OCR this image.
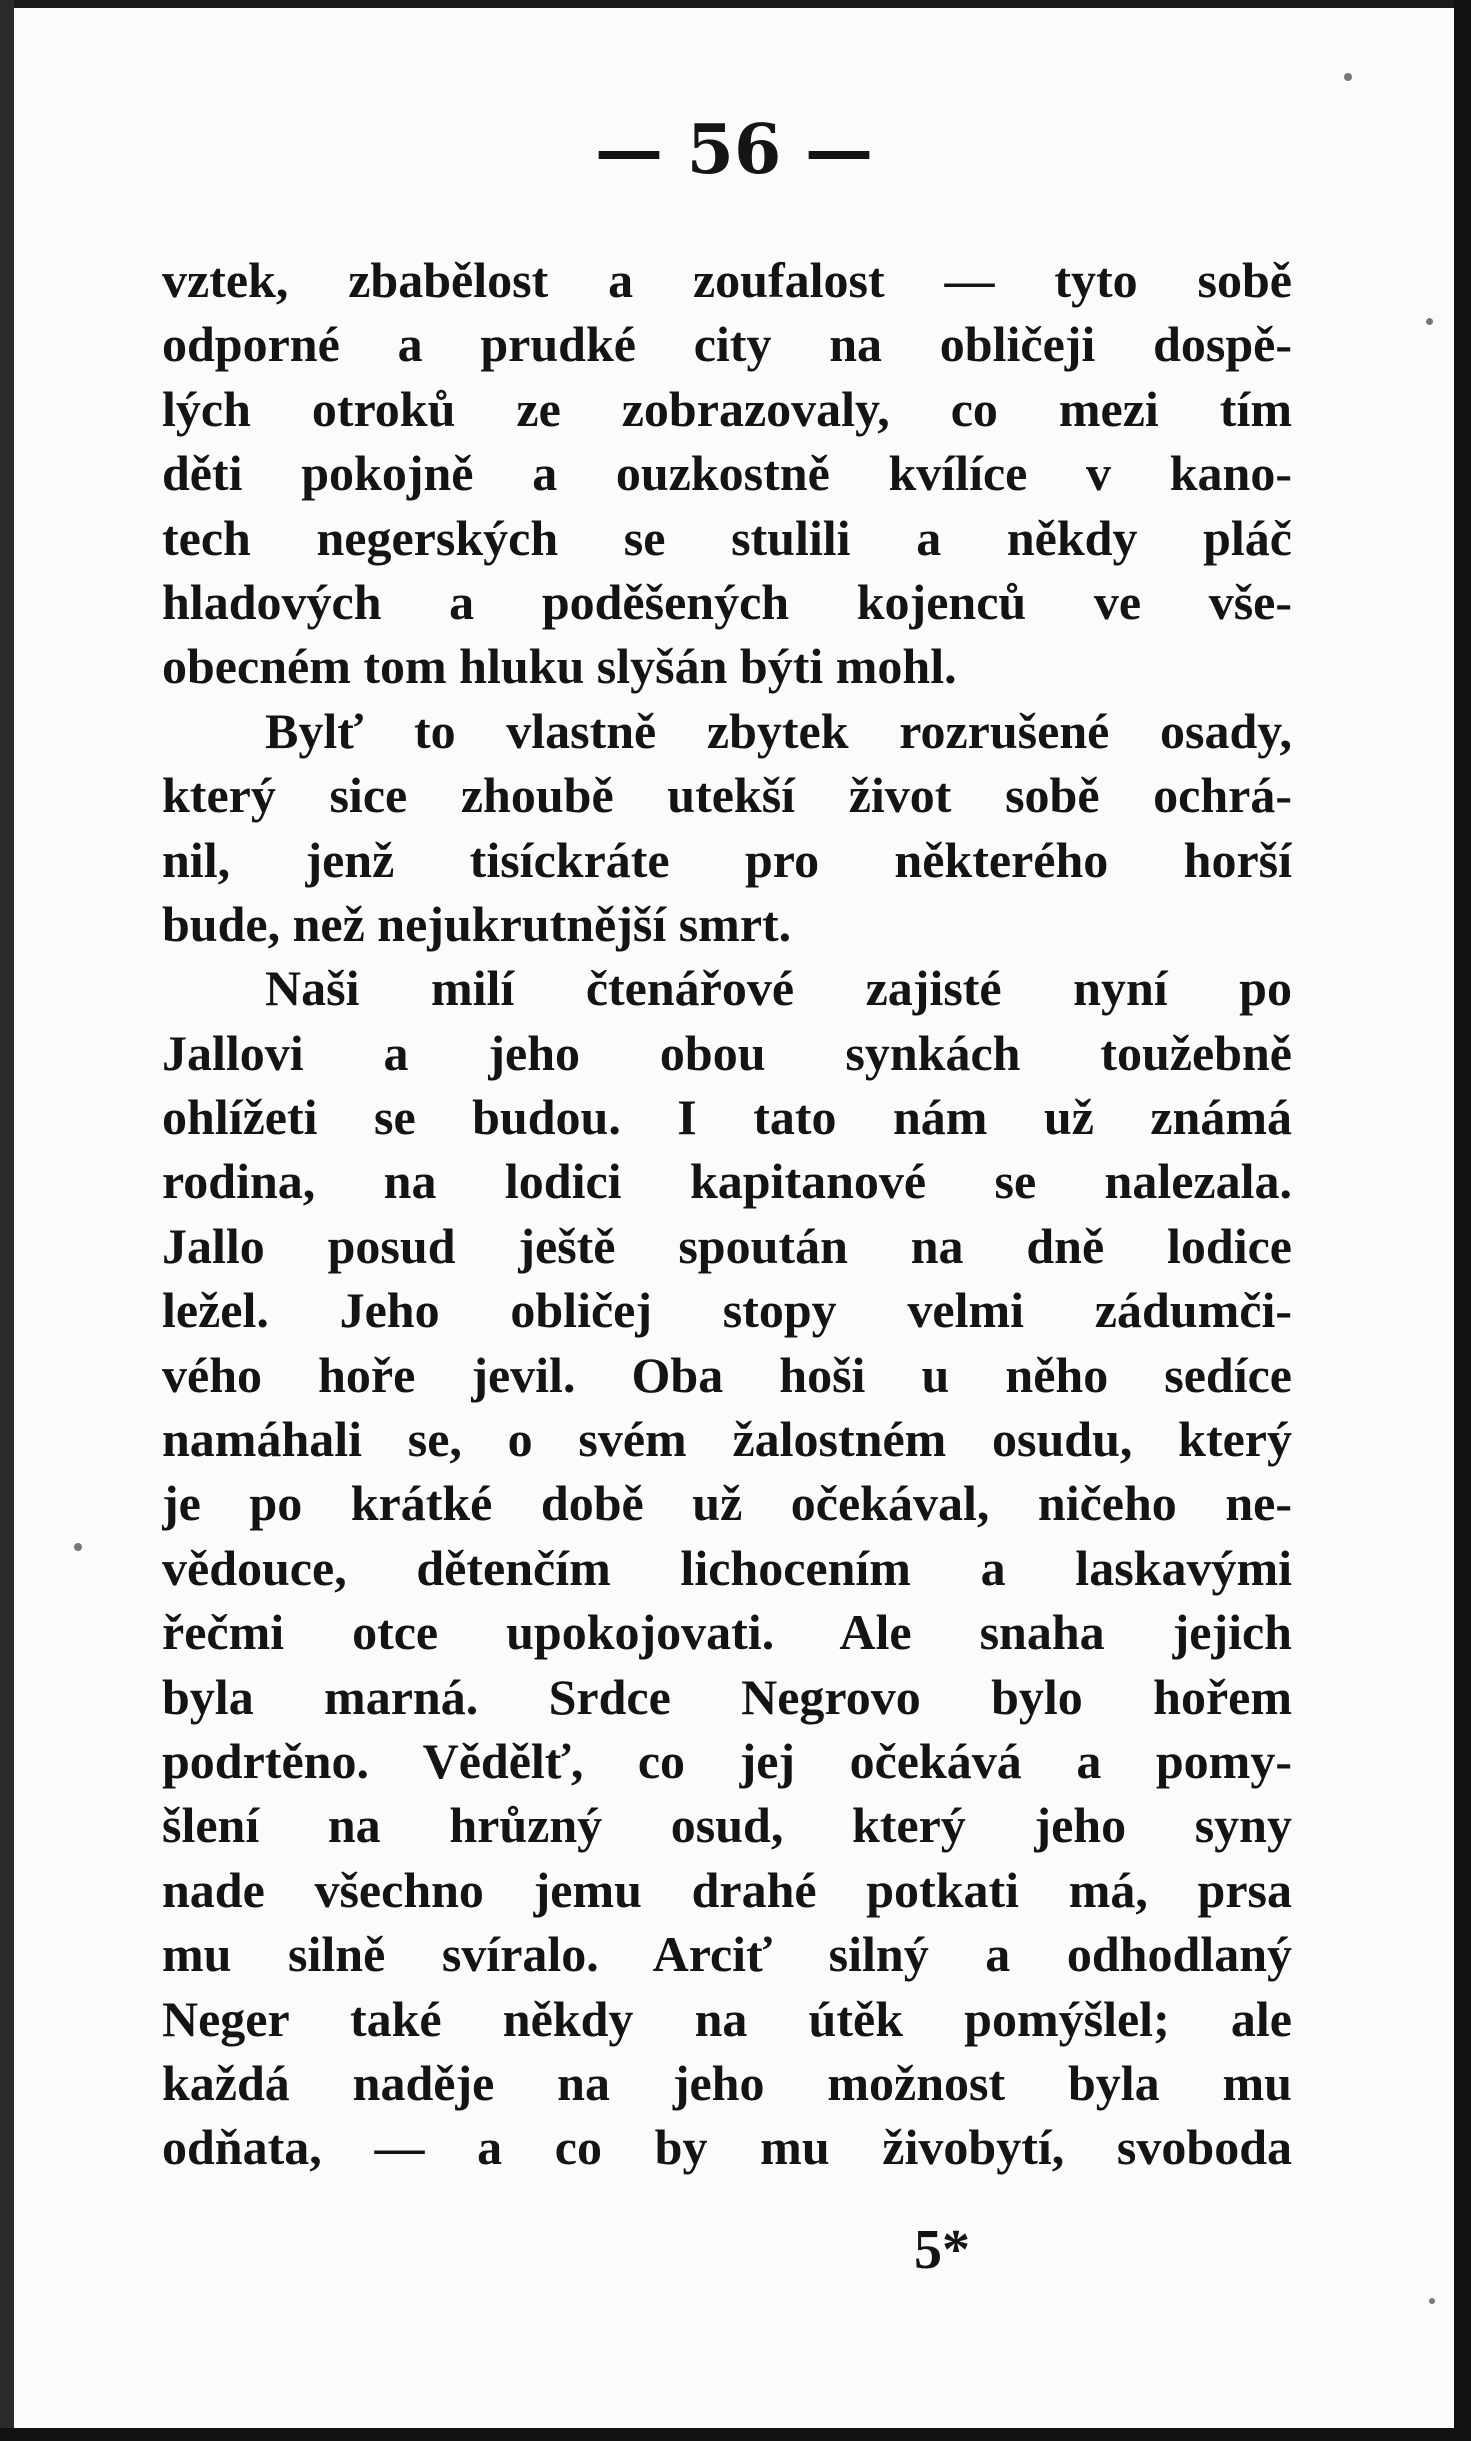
— 56 —
vztek, zbabělost a zoufalost — tyto sobě
odporné a prudké city na obličeji dospě-
lých otroků ze zobrazovaly, co mezi tím
děti pokojně a ouzkostně kvílíce v kano-
tech negerských se stulili a někdy pláč
hladových a poděšených kojenců ve vše-
obecném tom hluku slyšán býti mohl.
Bylť to vlastně zbytek rozrušené osady,
který sice zhoubě utekší život sobě ochrá-
nil, jenž tisíckráte pro některého horší
bude, než nejukrutnější smrt.
Naši milí čtenářové zajisté nyní po
Jallovi a jeho obou synkách toužebně
ohlížeti se budou. I tato nám už známá
rodina, na lodici kapitanové se nalezala.
Jallo posud ještě spoután na dně lodice
ležel. Jeho obličej stopy velmi zádumči-
vého hoře jevil. Oba hoši u něho sedíce
namáhali se, o svém žalostném osudu, který
je po krátké době už očekával, ničeho ne-
vědouce, dětenčím lichocením a laskavými
řečmi otce upokojovati. Ale snaha jejich
byla marná. Srdce Negrovo bylo hořem
podrtěno. Vědělť, co jej očekává a pomy-
šlení na hrůzný osud, který jeho syny
nade všechno jemu drahé potkati má, prsa
mu silně svíralo. Arciť silný a odhodlaný
Neger také někdy na útěk pomýšlel; ale
každá naděje na jeho možnost byla mu
odňata, — a co by mu živobytí, svoboda
5*
